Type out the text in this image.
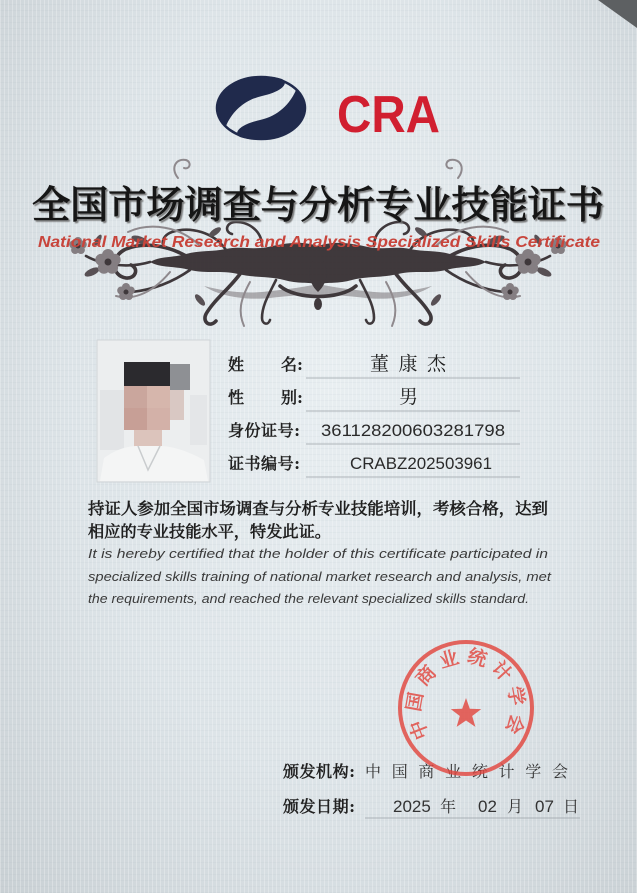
CRA
全国市场调查与分析专业技能证书
National Market Research and Analysis Specialized Skills Certificate
姓名:	董康杰
性别:	男
身份证号: 361128200603281798
证书编号:	CRABZ202503961
持证人参加全国市场调查与分析专业技能培训，考核合格，达到
相应的专业技能水平，特发此证。
It is hereby certified that the holder of this certificate participated in
specialized skills training of national market research and analysis, met
the requirements, and reached the relevant specialized skills standard.
颁发机构: 中国商业统计学会
颁发日期: 2025 年 02 月 07 日
中国商业统计学会
